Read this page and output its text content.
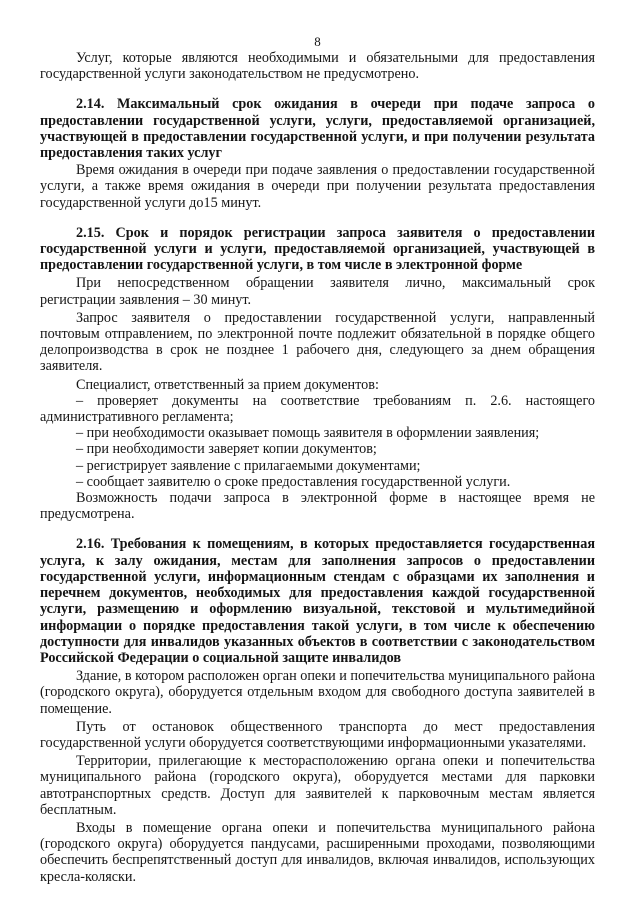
8

Услуг, которые являются необходимыми и обязательными для предоставления государственной услуги законодательством не предусмотрено.

2.14. Максимальный срок ожидания в очереди при подаче запроса о предоставлении государственной услуги, услуги, предоставляемой организацией, участвующей в предоставлении государственной услуги, и при получении результата предоставления таких услуг

Время ожидания в очереди при подаче заявления о предоставлении государственной услуги, а также время ожидания в очереди при получении результата предоставления государственной услуги до15 минут.

2.15. Срок и порядок регистрации запроса заявителя о предоставлении государственной услуги и услуги, предоставляемой организацией, участвующей в предоставлении государственной услуги, в том числе в электронной форме

При непосредственном обращении заявителя лично, максимальный срок регистрации заявления – 30 минут.

Запрос заявителя о предоставлении государственной услуги, направленный почтовым отправлением, по электронной почте подлежит обязательной в порядке общего делопроизводства в срок не позднее 1 рабочего дня, следующего за днем обращения заявителя.

Специалист, ответственный за прием документов:

– проверяет документы на соответствие требованиям п. 2.6. настоящего административного регламента;

– при необходимости оказывает помощь заявителя в оформлении заявления;

– при необходимости заверяет копии документов;

– регистрирует заявление с прилагаемыми документами;

– сообщает заявителю о сроке предоставления государственной услуги.

Возможность подачи запроса в электронной форме в настоящее время не предусмотрена.

2.16. Требования к помещениям, в которых предоставляется государственная услуга, к залу ожидания, местам для заполнения запросов о предоставлении государственной услуги, информационным стендам с образцами их заполнения и перечнем документов, необходимых для предоставления каждой государственной услуги, размещению и оформлению визуальной, текстовой и мультимедийной информации о порядке предоставления такой услуги, в том числе к обеспечению доступности для инвалидов указанных объектов в соответствии с законодательством Российской Федерации о социальной защите инвалидов

Здание, в котором расположен орган опеки и попечительства муниципального района (городского округа), оборудуется отдельным входом для свободного доступа заявителей в помещение.

Путь от остановок общественного транспорта до мест предоставления государственной услуги оборудуется соответствующими информационными указателями.

Территории, прилегающие к месторасположению органа опеки и попечительства муниципального района (городского округа), оборудуется местами для парковки автотранспортных средств. Доступ для заявителей к парковочным местам является бесплатным.

Входы в помещение органа опеки и попечительства муниципального района (городского округа) оборудуется пандусами, расширенными проходами, позволяющими обеспечить беспрепятственный доступ для инвалидов, включая инвалидов, использующих кресла-коляски.
